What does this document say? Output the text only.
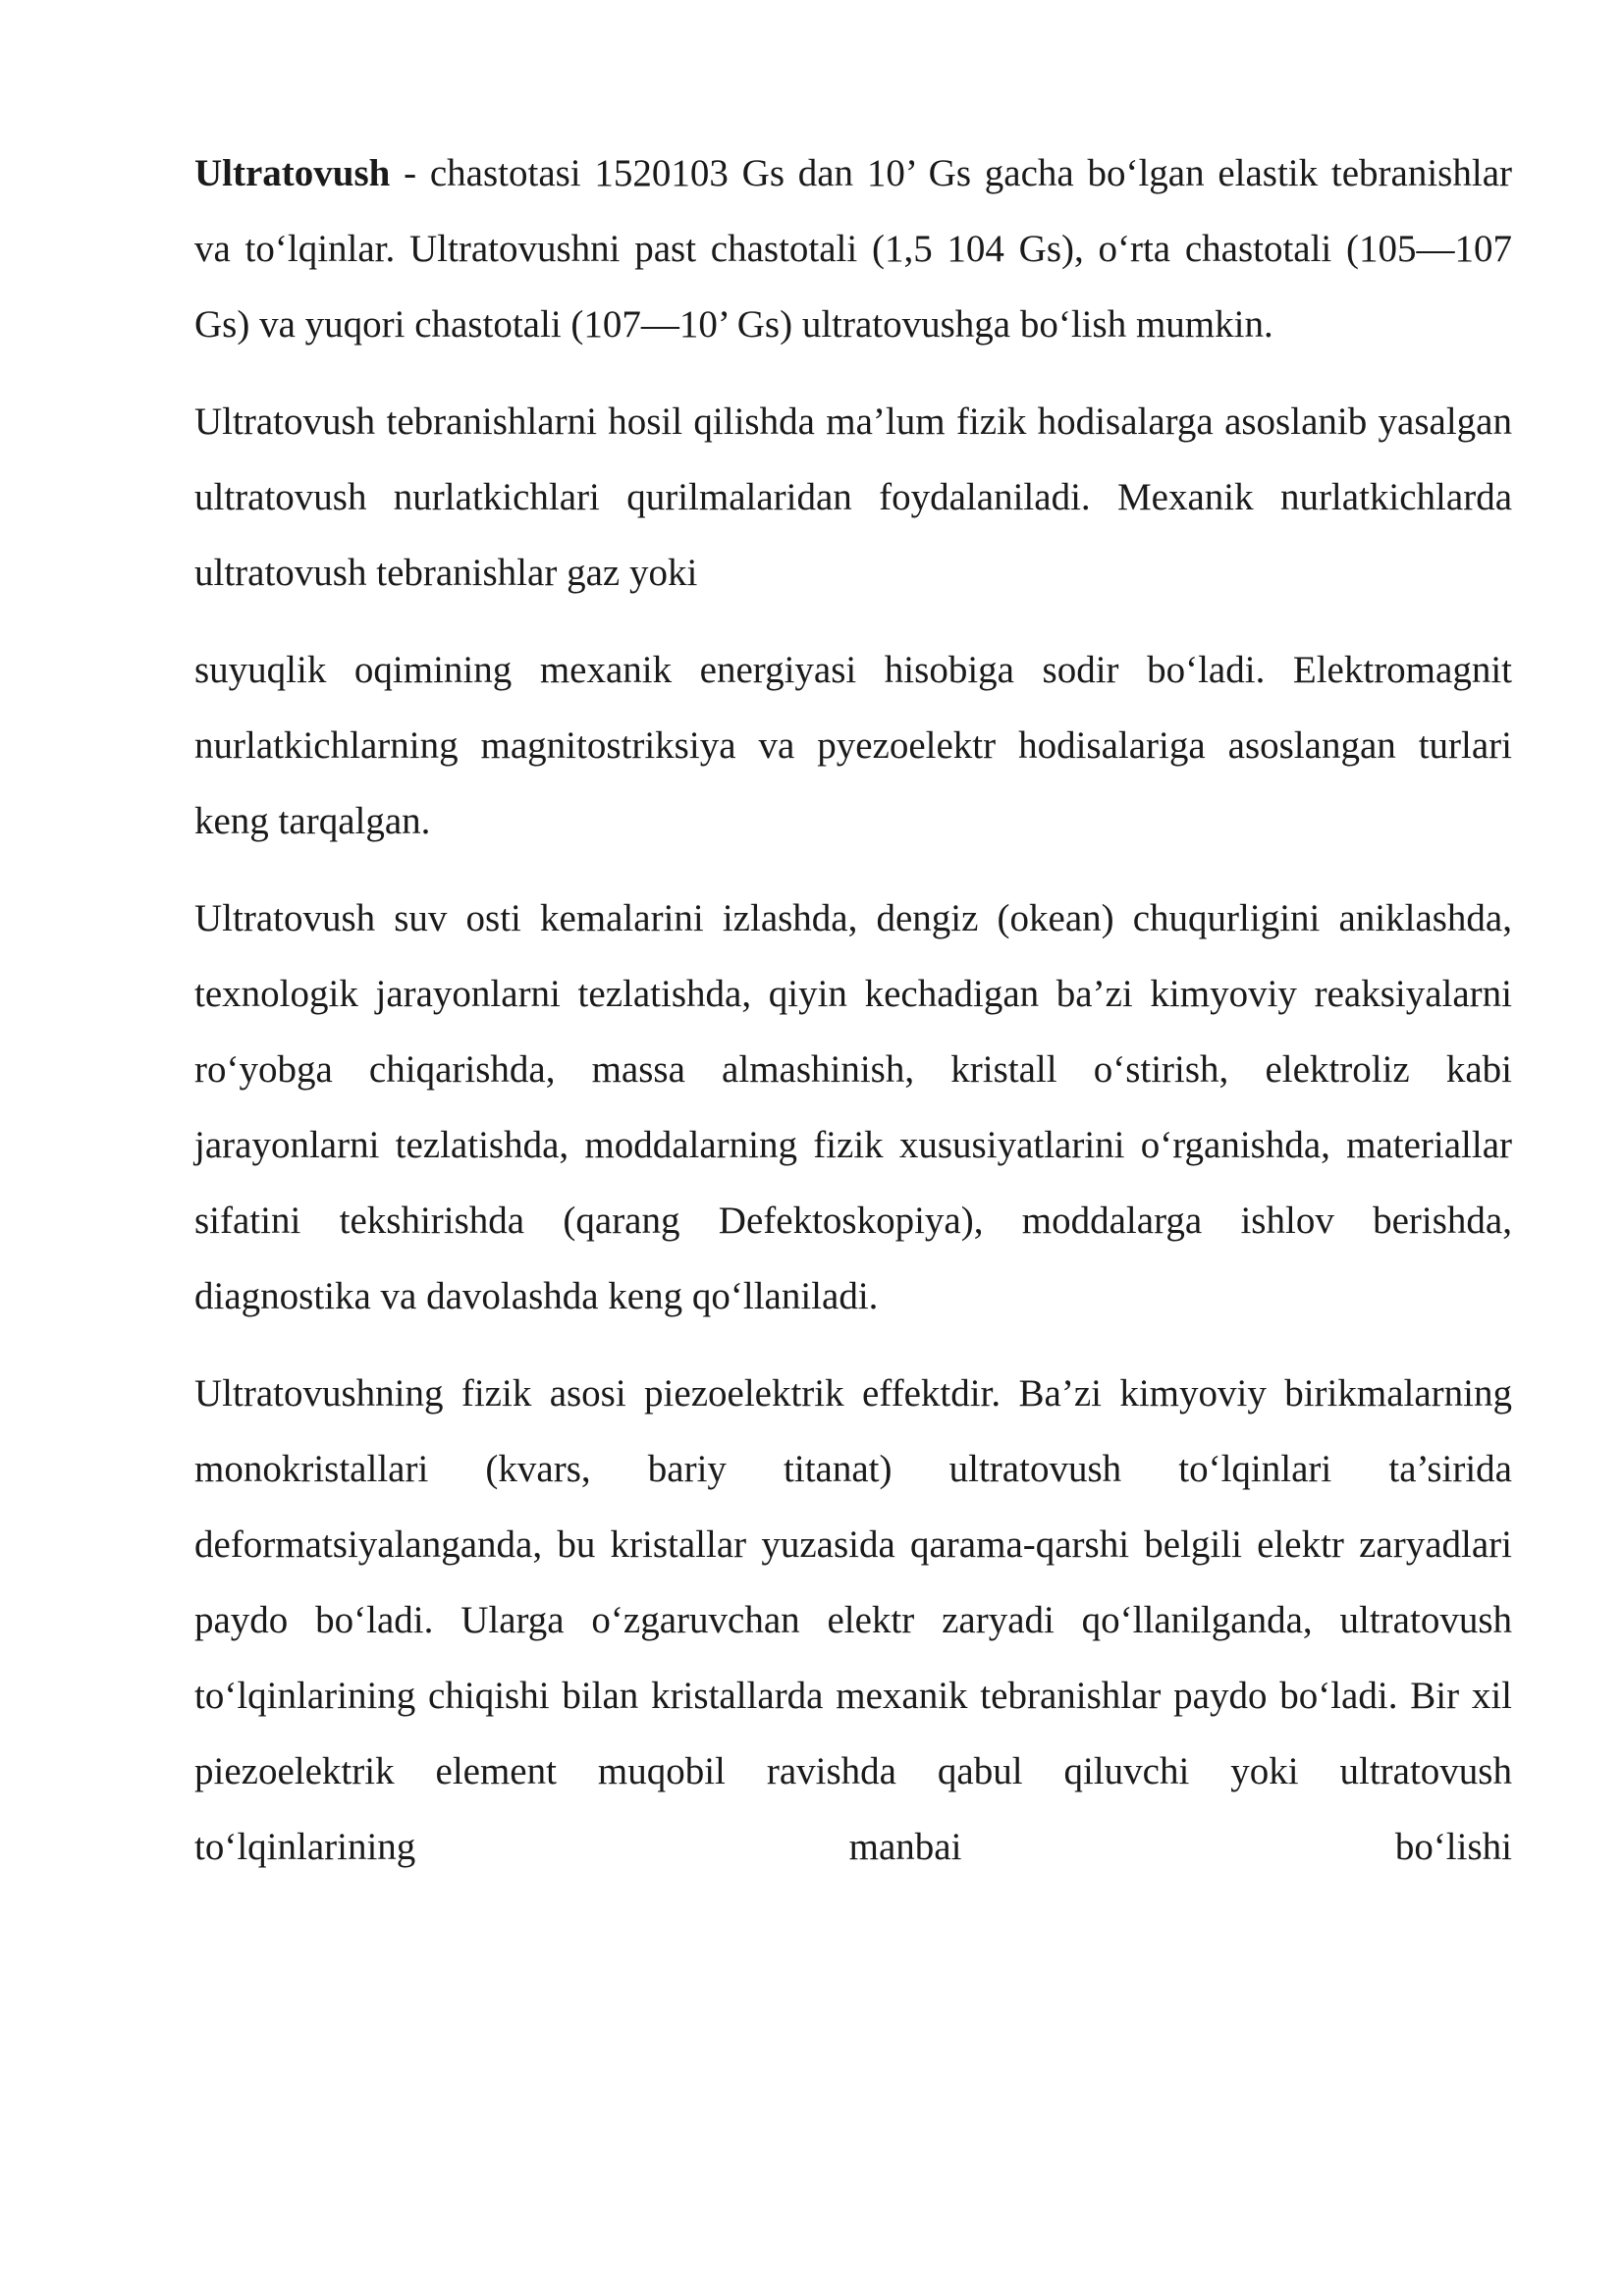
Ultratovush - chastotasi 1520103 Gs dan 10’ Gs gacha bo‘lgan elastik tebranishlar va to‘lqinlar. Ultratovushni past chastotali (1,5 104 Gs), o‘rta chastotali (105—107 Gs) va yuqori chastotali (107—10’ Gs) ultratovushga bo‘lish mumkin.

Ultratovush tebranishlarni hosil qilishda ma’lum fizik hodisalarga asoslanib yasalgan ultratovush nurlatkichlari qurilmalaridan foydalaniladi. Mexanik nurlatkichlarda ultratovush tebranishlar gaz yoki

suyuqlik oqimining mexanik energiyasi hisobiga sodir bo‘ladi. Elektromagnit nurlatkichlarning magnitostriksiya va pyezoelektr hodisalariga asoslangan turlari keng tarqalgan.

Ultratovush suv osti kemalarini izlashda, dengiz (okean) chuqurligini aniklashda, texnologik jarayonlarni tezlatishda, qiyin kechadigan ba’zi kimyoviy reaksiyalarni ro‘yobga chiqarishda, massa almashinish, kristall o‘stirish, elektroliz kabi jarayonlarni tezlatishda, moddalarning fizik xususiyatlarini o‘rganishda, materiallar sifatini tekshirishda (qarang Defektoskopiya), moddalarga ishlov berishda, diagnostika va davolashda keng qo‘llaniladi.

Ultratovushning fizik asosi piezoelektrik effektdir. Ba’zi kimyoviy birikmalarning monokristallari (kvars, bariy titanat) ultratovush to‘lqinlari ta’sirida deformatsiyalanganda, bu kristallar yuzasida qarama-qarshi belgili elektr zaryadlari paydo bo‘ladi. Ularga o‘zgaruvchan elektr zaryadi qo‘llanilganda, ultratovush to‘lqinlarining chiqishi bilan kristallarda mexanik tebranishlar paydo bo‘ladi. Bir xil piezoelektrik element muqobil ravishda qabul qiluvchi yoki ultratovush to‘lqinlarining manbai bo‘lishi
